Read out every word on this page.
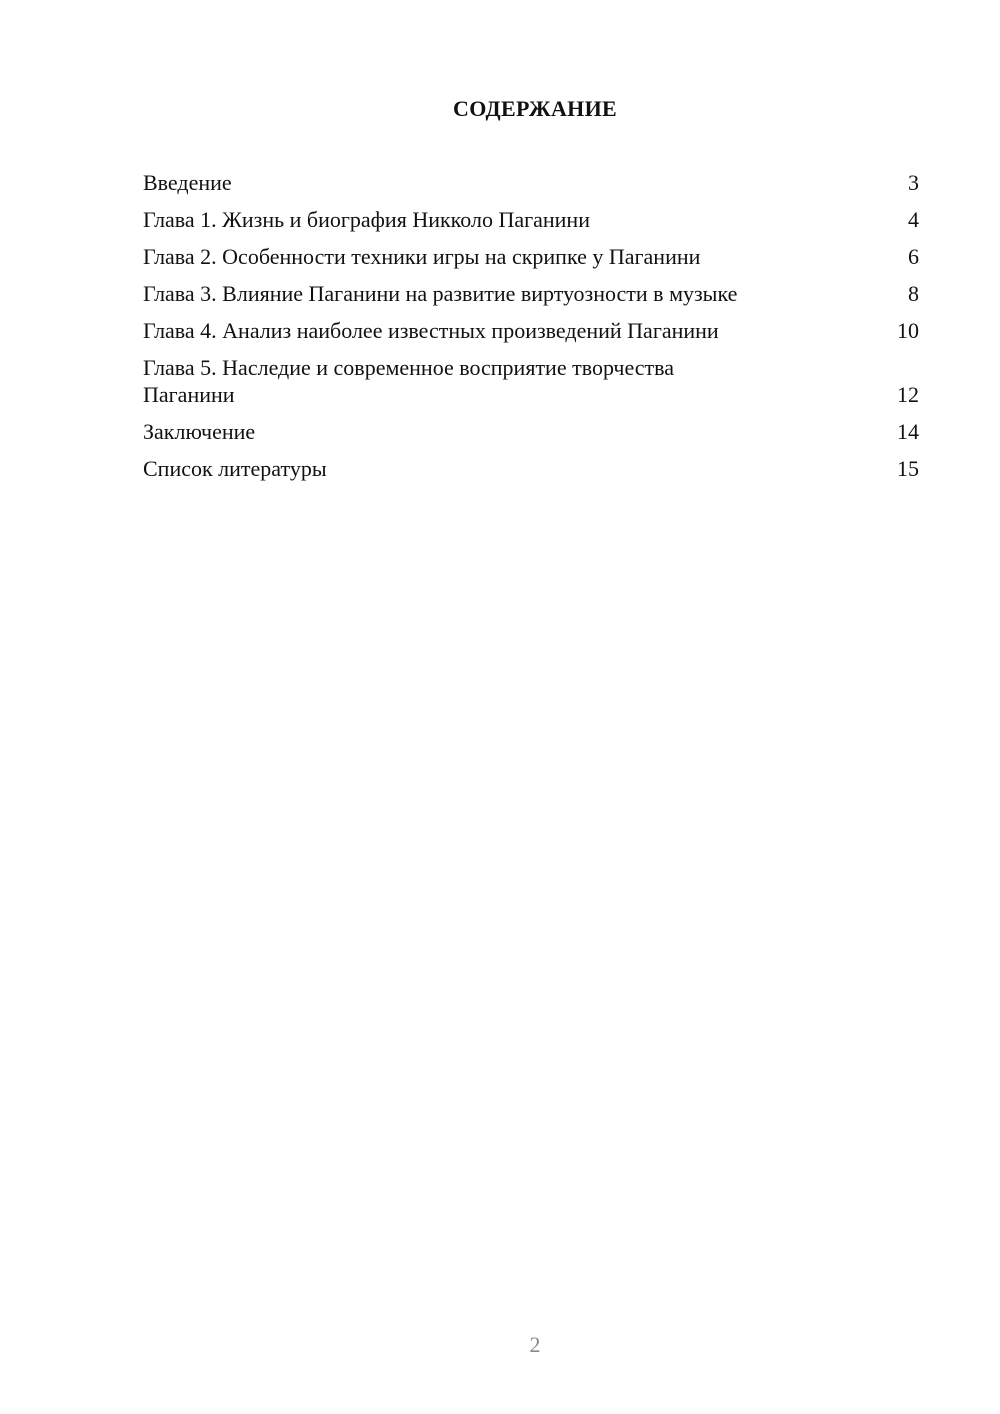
СОДЕРЖАНИЕ
Введение	3
Глава 1. Жизнь и биография Никколо Паганини	4
Глава 2. Особенности техники игры на скрипке у Паганини	6
Глава 3. Влияние Паганини на развитие виртуозности в музыке	8
Глава 4. Анализ наиболее известных произведений Паганини	10
Глава 5. Наследие и современное восприятие творчества Паганини	12
Заключение	14
Список литературы	15
2
